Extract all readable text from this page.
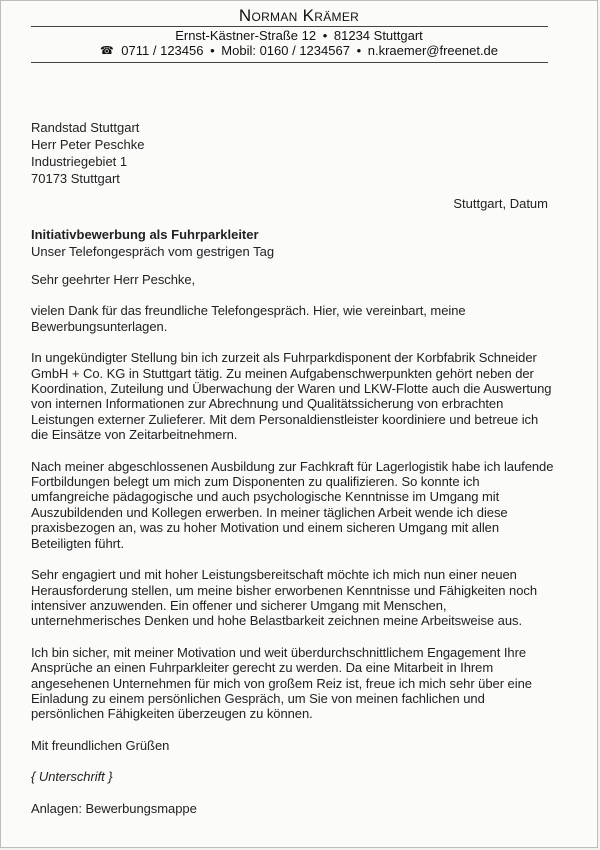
Norman Krämer
Ernst-Kästner-Straße 12 • 81234 Stuttgart
☎ 0711 / 123456 • Mobil: 0160 / 1234567 • n.kraemer@freenet.de
Randstad Stuttgart
Herr Peter Peschke
Industriegebiet 1
70173 Stuttgart
Stuttgart, Datum
Initiativbewerbung als Fuhrparkleiter
Unser Telefongespräch vom gestrigen Tag

Sehr geehrter Herr Peschke,

vielen Dank für das freundliche Telefongespräch. Hier, wie vereinbart, meine Bewerbungsunterlagen.

In ungekündigter Stellung bin ich zurzeit als Fuhrparkdisponent der Korbfabrik Schneider GmbH + Co. KG in Stuttgart tätig. Zu meinen Aufgabenschwerpunkten gehört neben der Koordination, Zuteilung und Überwachung der Waren und LKW-Flotte auch die Auswertung von internen Informationen zur Abrechnung und Qualitätssicherung von erbrachten Leistungen externer Zulieferer. Mit dem Personaldienstleister koordiniere und betreue ich die Einsätze von Zeitarbeitnehmern.

Nach meiner abgeschlossenen Ausbildung zur Fachkraft für Lagerlogistik habe ich laufende Fortbildungen belegt um mich zum Disponenten zu qualifizieren. So konnte ich umfangreiche pädagogische und auch psychologische Kenntnisse im Umgang mit Auszubildenden und Kollegen erwerben. In meiner täglichen Arbeit wende ich diese praxisbezogen an, was zu hoher Motivation und einem sicheren Umgang mit allen Beteiligten führt.

Sehr engagiert und mit hoher Leistungsbereitschaft möchte ich mich nun einer neuen Herausforderung stellen, um meine bisher erworbenen Kenntnisse und Fähigkeiten noch intensiver anzuwenden. Ein offener und sicherer Umgang mit Menschen, unternehmerisches Denken und hohe Belastbarkeit zeichnen meine Arbeitsweise aus.

Ich bin sicher, mit meiner Motivation und weit überdurchschnittlichem Engagement Ihre Ansprüche an einen Fuhrparkleiter gerecht zu werden. Da eine Mitarbeit in Ihrem angesehenen Unternehmen für mich von großem Reiz ist, freue ich mich sehr über eine Einladung zu einem persönlichen Gespräch, um Sie von meinen fachlichen und persönlichen Fähigkeiten überzeugen zu können.

Mit freundlichen Grüßen

{ Unterschrift }

Anlagen: Bewerbungsmappe
